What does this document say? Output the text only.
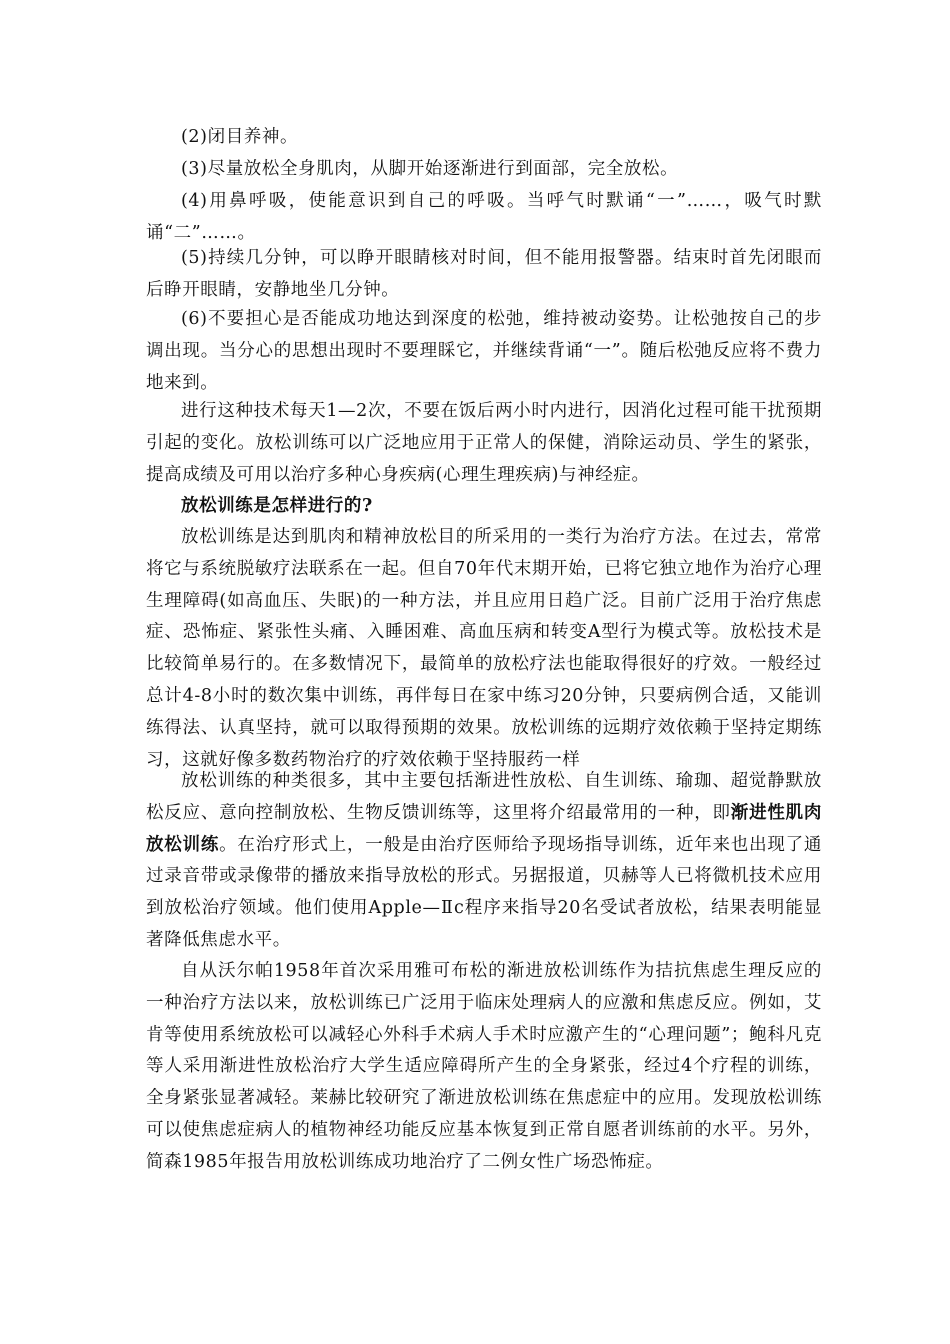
(2)闭目养神。

(3)尽量放松全身肌肉，从脚开始逐渐进行到面部，完全放松。

(4)用鼻呼吸，使能意识到自己的呼吸。当呼气时默诵“一”……，吸气时默诵“二”……。

(5)持续几分钟，可以睁开眼睛核对时间，但不能用报警器。结束时首先闭眼而后睁开眼睛，安静地坐几分钟。

(6)不要担心是否能成功地达到深度的松弛，维持被动姿势。让松弛按自己的步调出现。当分心的思想出现时不要理睬它，并继续背诵“一”。随后松弛反应将不费力地来到。

进行这种技术每天1—2次，不要在饭后两小时内进行，因消化过程可能干扰预期引起的变化。放松训练可以广泛地应用于正常人的保健，消除运动员、学生的紧张，提高成绩及可用以治疗多种心身疾病(心理生理疾病)与神经症。

放松训练是怎样进行的?

放松训练是达到肌肉和精神放松目的所采用的一类行为治疗方法。在过去，常常将它与系统脱敏疗法联系在一起。但自70年代末期开始，已将它独立地作为治疗心理生理障碍(如高血压、失眠)的一种方法，并且应用日趋广泛。目前广泛用于治疗焦虑症、恐怖症、紧张性头痛、入睡困难、高血压病和转变A型行为模式等。放松技术是比较简单易行的。在多数情况下，最简单的放松疗法也能取得很好的疗效。一般经过总计4-8小时的数次集中训练，再伴每日在家中练习20分钟，只要病例合适，又能训练得法、认真坚持，就可以取得预期的效果。放松训练的远期疗效依赖于坚持定期练习，这就好像多数药物治疗的疗效依赖于坚持服药一样

放松训练的种类很多，其中主要包括渐进性放松、自生训练、瑜珈、超觉静默放松反应、意向控制放松、生物反馈训练等，这里将介绍最常用的一种，即渐进性肌肉放松训练。在治疗形式上，一般是由治疗医师给予现场指导训练，近年来也出现了通过录音带或录像带的播放来指导放松的形式。另据报道，贝赫等人已将微机技术应用到放松治疗领域。他们使用Apple—Ⅱc程序来指导20名受试者放松，结果表明能显著降低焦虑水平。

自从沃尔帕1958年首次采用雅可布松的渐进放松训练作为拮抗焦虑生理反应的一种治疗方法以来，放松训练已广泛用于临床处理病人的应激和焦虑反应。例如，艾肯等使用系统放松可以减轻心外科手术病人手术时应激产生的“心理问题”；鲍科凡克等人采用渐进性放松治疗大学生适应障碍所产生的全身紧张，经过4个疗程的训练，全身紧张显著减轻。莱赫比较研究了渐进放松训练在焦虑症中的应用。发现放松训练可以使焦虑症病人的植物神经功能反应基本恢复到正常自愿者训练前的水平。另外，简森1985年报告用放松训练成功地治疗了二例女性广场恐怖症。
